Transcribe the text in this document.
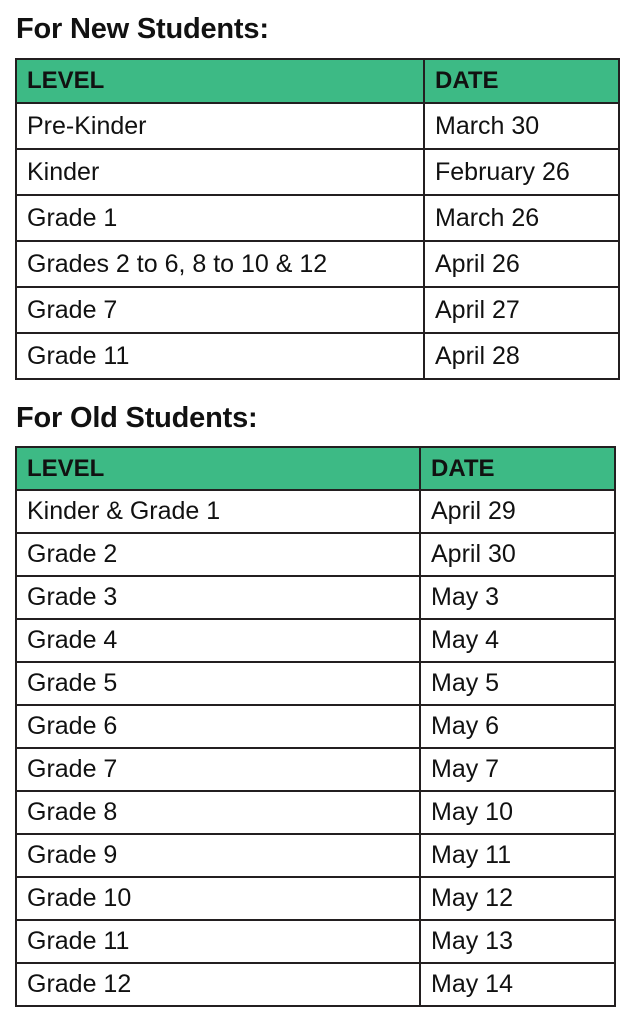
For New Students:
LEVEL	DATE
Pre-Kinder	March 30
Kinder	February 26
Grade 1	March 26
Grades 2 to 6, 8 to 10 & 12	April 26
Grade 7	April 27
Grade 11	April 28
For Old Students:
LEVEL	DATE
Kinder & Grade 1	April 29
Grade 2	April 30
Grade 3	May 3
Grade 4	May 4
Grade 5	May 5
Grade 6	May 6
Grade 7	May 7
Grade 8	May 10
Grade 9	May 11
Grade 10	May 12
Grade 11	May 13
Grade 12	May 14
